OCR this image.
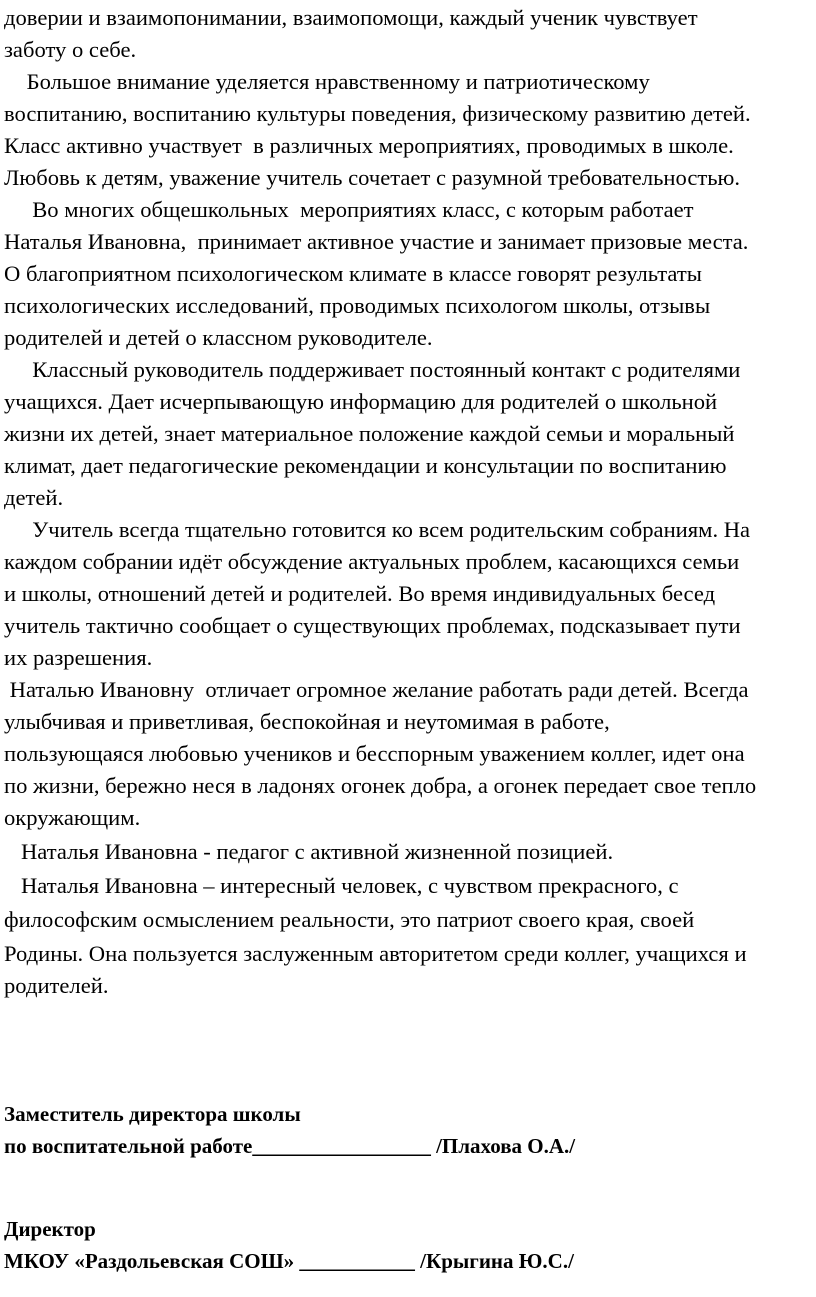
доверии и взаимопонимании, взаимопомощи, каждый ученик чувствует
заботу о себе.
Большое внимание уделяется нравственному и патриотическому
воспитанию, воспитанию культуры поведения, физическому развитию детей.
Класс активно участвует  в различных мероприятиях, проводимых в школе.
Любовь к детям, уважение учитель сочетает с разумной требовательностью.
Во многих общешкольных  мероприятиях класс, с которым работает
Наталья Ивановна,  принимает активное участие и занимает призовые места.
О благоприятном психологическом климате в классе говорят результаты
психологических исследований, проводимых психологом школы, отзывы
родителей и детей о классном руководителе.
Классный руководитель поддерживает постоянный контакт с родителями
учащихся. Дает исчерпывающую информацию для родителей о школьной
жизни их детей, знает материальное положение каждой семьи и моральный
климат, дает педагогические рекомендации и консультации по воспитанию
детей.
Учитель всегда тщательно готовится ко всем родительским собраниям. На
каждом собрании идёт обсуждение актуальных проблем, касающихся семьи
и школы, отношений детей и родителей. Во время индивидуальных бесед
учитель тактично сообщает о существующих проблемах, подсказывает пути
их разрешения.
Наталью Ивановну  отличает огромное желание работать ради детей. Всегда
улыбчивая и приветливая, беспокойная и неутомимая в работе,
пользующаяся любовью учеников и бесспорным уважением коллег, идет она
по жизни, бережно неся в ладонях огонек добра, а огонек передает свое тепло
окружающим.
Наталья Ивановна - педагог с активной жизненной позицией.
Наталья Ивановна – интересный человек, с чувством прекрасного, с
философским осмыслением реальности, это патриот своего края, своей
Родины. Она пользуется заслуженным авторитетом среди коллег, учащихся и
родителей.
Заместитель директора школы
по воспитательной работе_________________ /Плахова О.А./
Директор
МКОУ «Раздольевская СОШ» ___________ /Крыгина Ю.С./
